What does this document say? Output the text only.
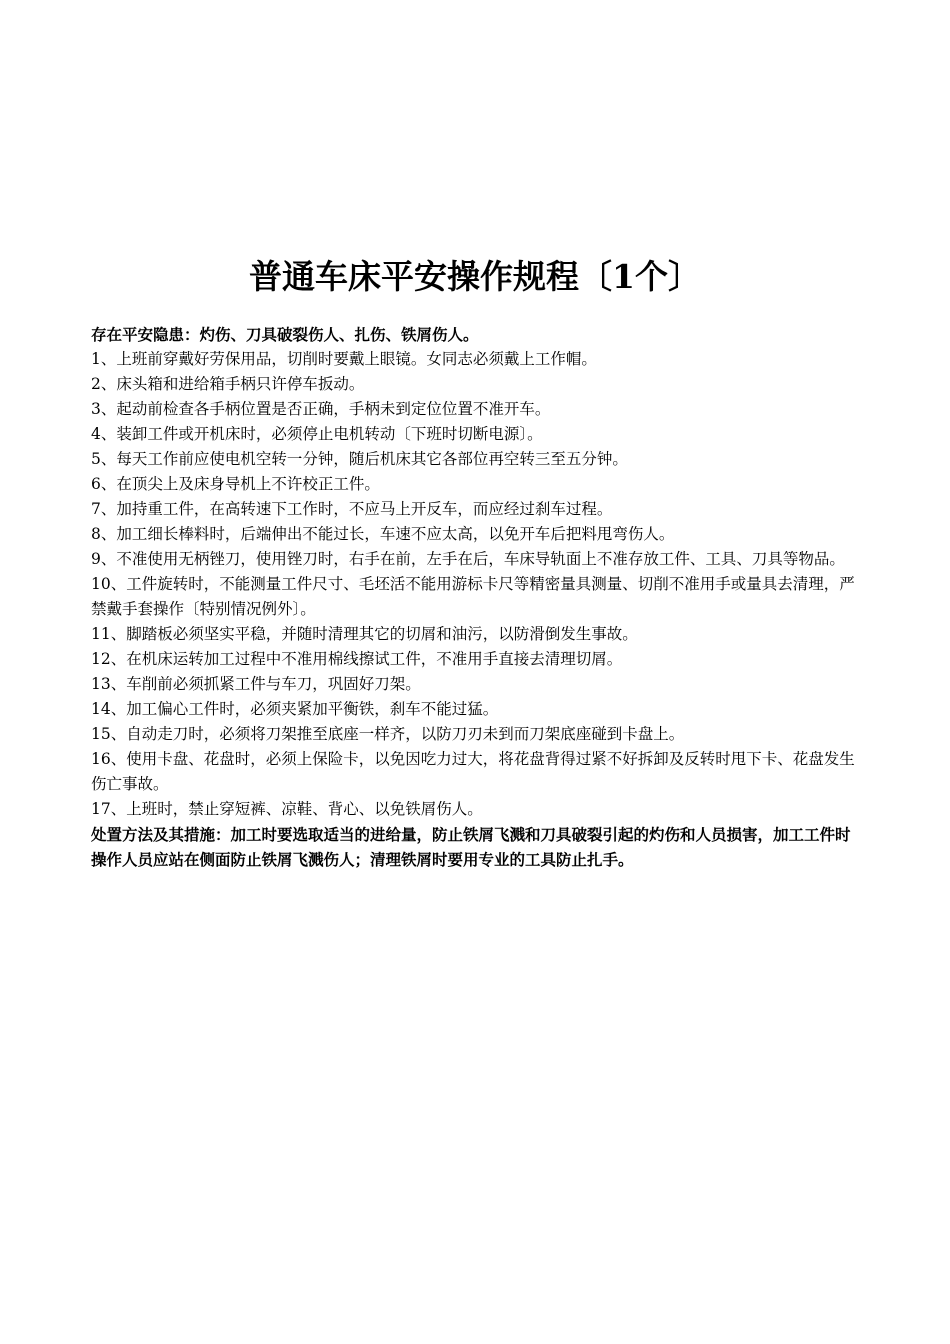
普通车床平安操作规程〔1个〕

存在平安隐患：灼伤、刀具破裂伤人、扎伤、铁屑伤人。

1、上班前穿戴好劳保用品，切削时要戴上眼镜。女同志必须戴上工作帽。

2、床头箱和进给箱手柄只许停车扳动。

3、起动前检查各手柄位置是否正确，手柄未到定位位置不准开车。

4、装卸工件或开机床时，必须停止电机转动〔下班时切断电源〕。

5、每天工作前应使电机空转一分钟，随后机床其它各部位再空转三至五分钟。

6、在顶尖上及床身导机上不许校正工件。

7、加持重工件，在高转速下工作时，不应马上开反车，而应经过刹车过程。

8、加工细长棒料时，后端伸出不能过长，车速不应太高，以免开车后把料甩弯伤人。

9、不准使用无柄锉刀，使用锉刀时，右手在前，左手在后，车床导轨面上不准存放工件、工具、刀具等物品。

10、工件旋转时，不能测量工件尺寸、毛坯活不能用游标卡尺等精密量具测量、切削不准用手或量具去清理，严禁戴手套操作〔特别情况例外〕。

11、脚踏板必须坚实平稳，并随时清理其它的切屑和油污，以防滑倒发生事故。

12、在机床运转加工过程中不准用棉线擦试工件，不准用手直接去清理切屑。

13、车削前必须抓紧工件与车刀，巩固好刀架。

14、加工偏心工件时，必须夹紧加平衡铁，刹车不能过猛。

15、自动走刀时，必须将刀架推至底座一样齐，以防刀刃未到而刀架底座碰到卡盘上。

16、使用卡盘、花盘时，必须上保险卡，以免因吃力过大，将花盘背得过紧不好拆卸及反转时甩下卡、花盘发生伤亡事故。

17、上班时，禁止穿短裤、凉鞋、背心、以免铁屑伤人。

处置方法及其措施：加工时要选取适当的进给量，防止铁屑飞溅和刀具破裂引起的灼伤和人员损害，加工工件时操作人员应站在侧面防止铁屑飞溅伤人；清理铁屑时要用专业的工具防止扎手。
